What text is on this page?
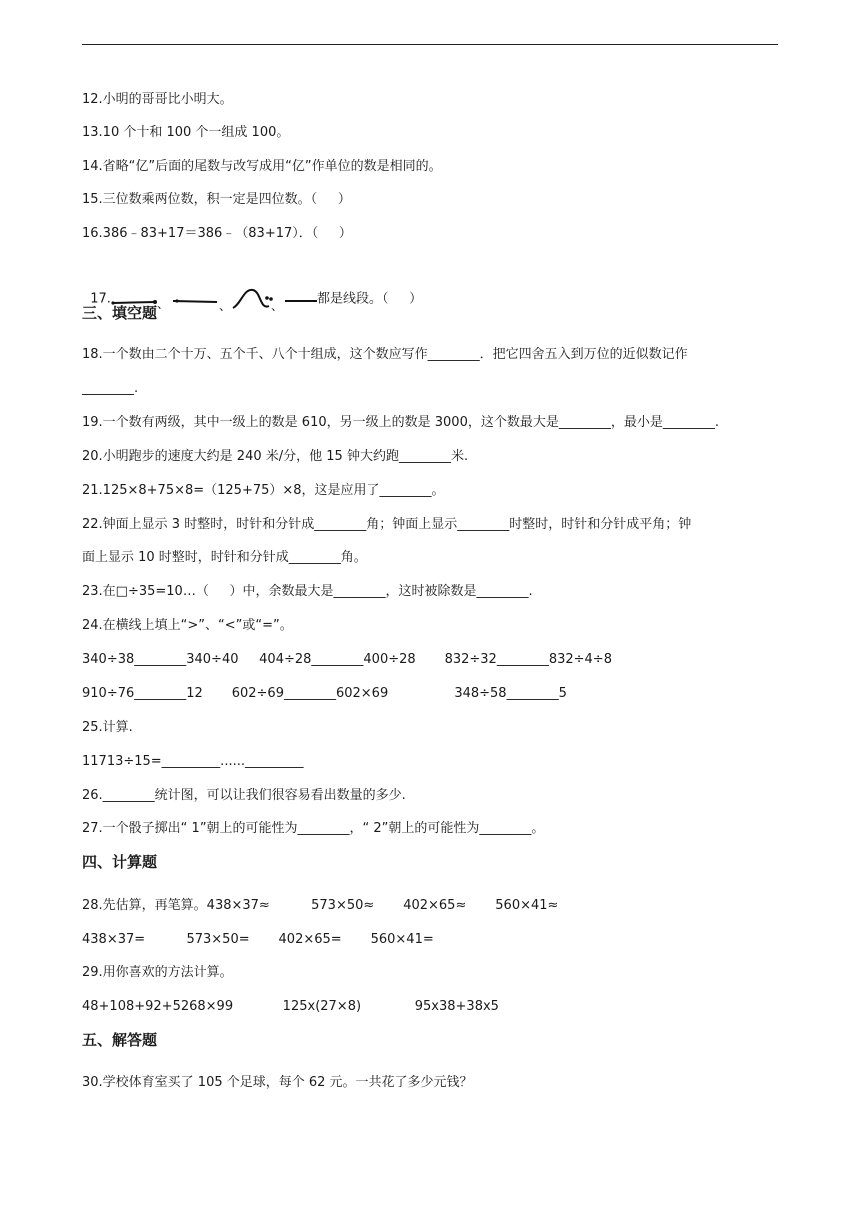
12.小明的哥哥比小明大。
13.10 个十和 100 个一组成 100。
14.省略“亿”后面的尾数与改写成用“亿”作单位的数是相同的。
15.三位数乘两位数，积一定是四位数。（     ）
16.386﹣83+17＝386﹣（83+17）．（     ）

17.	、	、	、	都是线段。（     ）

三、填空题
18.一个数由二个十万、五个千、八个十组成，这个数应写作________．把它四舍五入到万位的近似数记作
________.
19.一个数有两级，其中一级上的数是 610，另一级上的数是 3000，这个数最大是________，最小是________.
20.小明跑步的速度大约是 240 米/分，他 15 钟大约跑________米.
21.125×8+75×8=（125+75）×8，这是应用了________。
22.钟面上显示 3 时整时，时针和分针成________角；钟面上显示________时整时，时针和分针成平角；钟
面上显示 10 时整时，时针和分针成________角。
23.在□÷35=10…（     ）中，余数最大是________，这时被除数是________.
24.在横线上填上“>”、“<”或“=”。
340÷38________340÷40     404÷28________400÷28       832÷32________832÷4÷8
910÷76________12       602÷69________602×69                348÷58________5
25.计算.
11713÷15=_________......_________
26.________统计图，可以让我们很容易看出数量的多少.
27.一个骰子掷出“ 1”朝上的可能性为________，“ 2”朝上的可能性为________。
四、计算题
28.先估算，再笔算。438×37≈          573×50≈       402×65≈       560×41≈
438×37=          573×50=       402×65=       560×41=
29.用你喜欢的方法计算。
48+108+92+5268×99            125x(27×8)             95x38+38x5
五、解答题
30.学校体育室买了 105 个足球，每个 62 元。一共花了多少元钱？
